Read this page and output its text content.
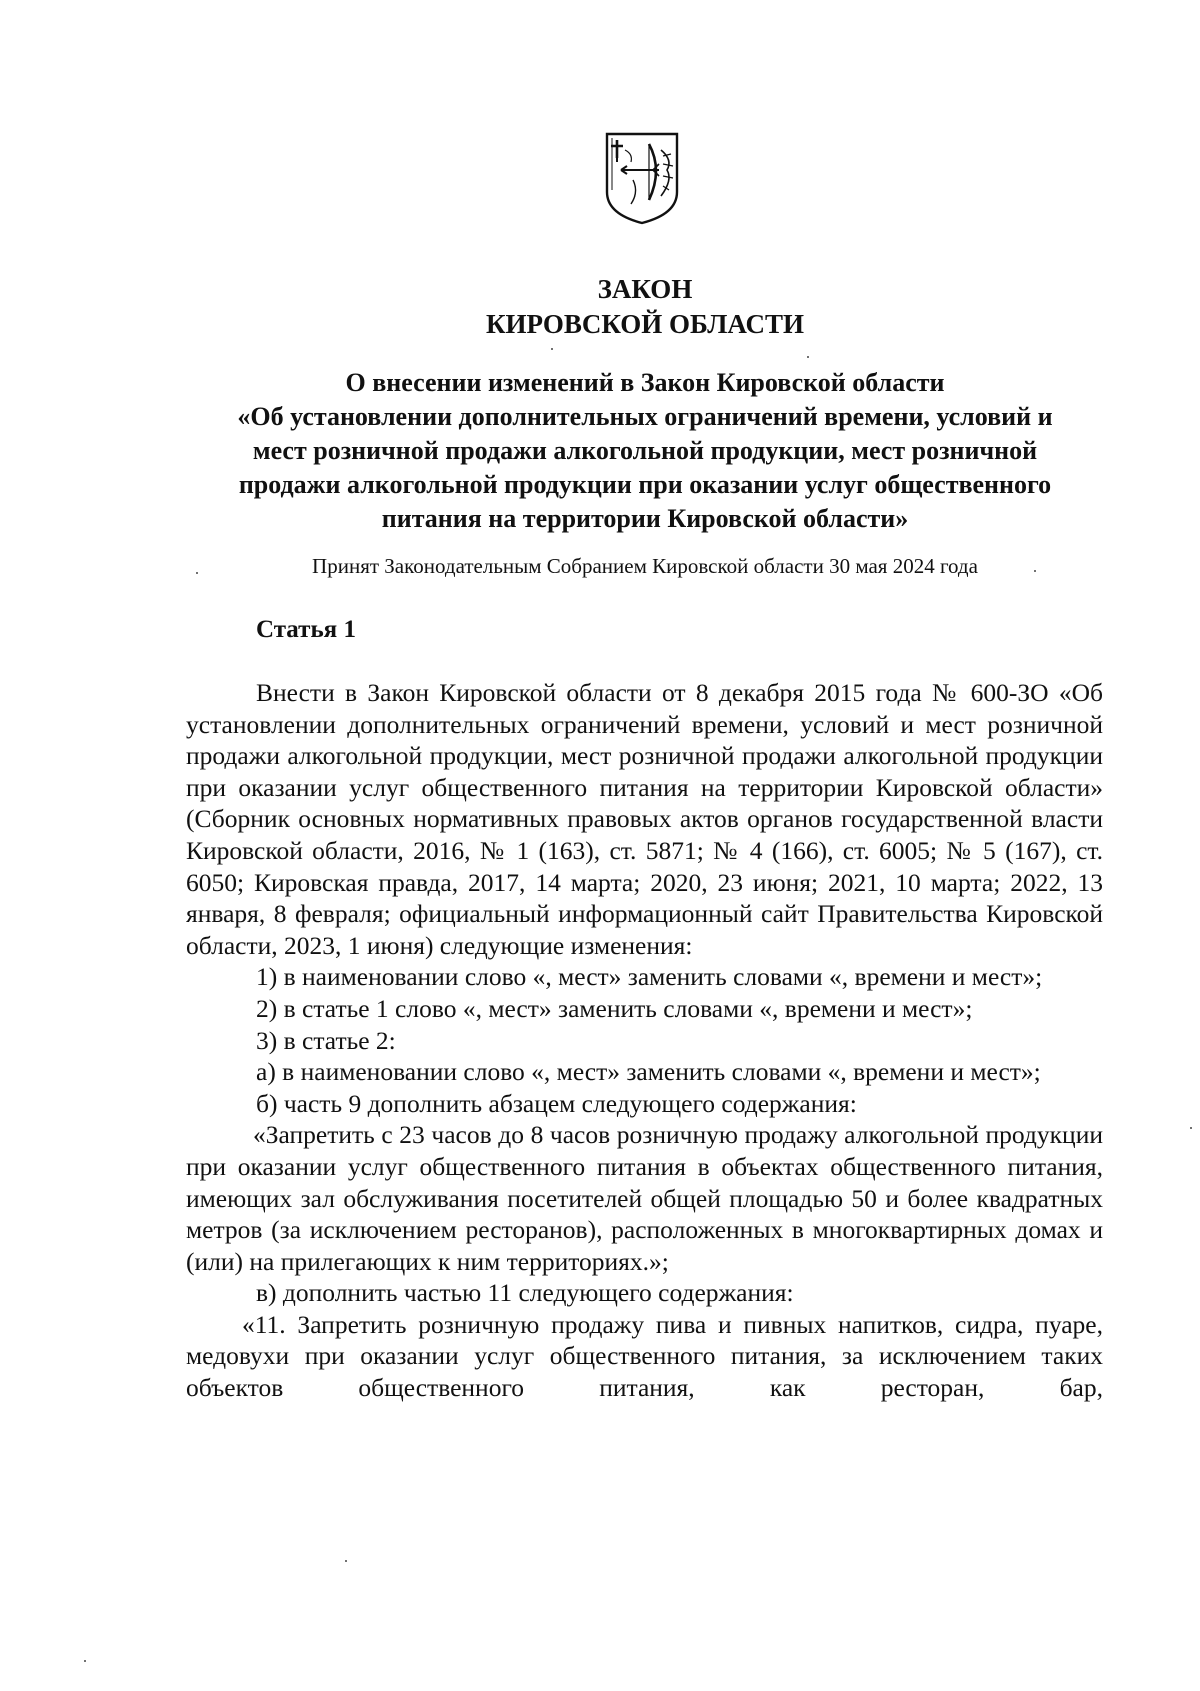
ЗАКОН
КИРОВСКОЙ ОБЛАСТИ
О внесении изменений в Закон Кировской области
«Об установлении дополнительных ограничений времени, условий и
мест розничной продажи алкогольной продукции, мест розничной
продажи алкогольной продукции при оказании услуг общественного
питания на территории Кировской области»

Принят Законодательным Собранием Кировской области 30 мая 2024 года

Статья 1

Внести в Закон Кировской области от 8 декабря 2015 года № 600-ЗО «Об установлении дополнительных ограничений времени, условий и мест розничной продажи алкогольной продукции, мест розничной продажи алкогольной продукции при оказании услуг общественного питания на территории Кировской области» (Сборник основных нормативных правовых актов органов государственной власти Кировской области, 2016, № 1 (163), ст. 5871; № 4 (166), ст. 6005; № 5 (167), ст. 6050; Кировская правда, 2017, 14 марта; 2020, 23 июня; 2021, 10 марта; 2022, 13 января, 8 февраля; официальный информационный сайт Правительства Кировской области, 2023, 1 июня) следующие изменения:

1) в наименовании слово «, мест» заменить словами «, времени и мест»;

2) в статье 1 слово «, мест» заменить словами «, времени и мест»;

3) в статье 2:

а) в наименовании слово «, мест» заменить словами «, времени и мест»;

б) часть 9 дополнить абзацем следующего содержания:

«Запретить с 23 часов до 8 часов розничную продажу алкогольной продукции при оказании услуг общественного питания в объектах общественного питания, имеющих зал обслуживания посетителей общей площадью 50 и более квадратных метров (за исключением ресторанов), расположенных в многоквартирных домах и (или) на прилегающих к ним территориях.»;

в) дополнить частью 11 следующего содержания:

«11. Запретить розничную продажу пива и пивных напитков, сидра, пуаре, медовухи при оказании услуг общественного питания, за исключением таких объектов общественного питания, как ресторан, бар,
